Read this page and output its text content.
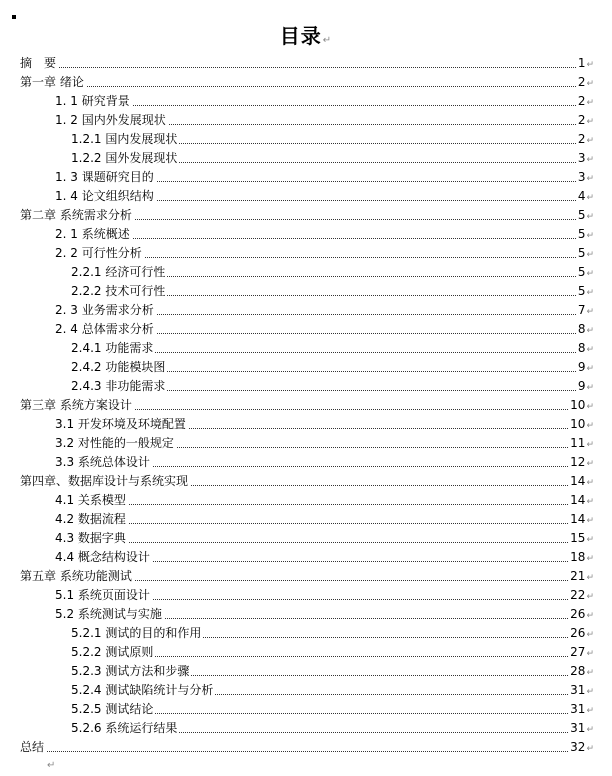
目录↵
摘　要	1↵
第一章 绪论	2↵
1. 1 研究背景	2↵
1. 2 国内外发展现状	2↵
1.2.1 国内发展现状	2↵
1.2.2 国外发展现状	3↵
1. 3 课题研究目的	3↵
1. 4 论文组织结构	4↵
第二章 系统需求分析	5↵
2. 1 系统概述	5↵
2. 2 可行性分析	5↵
2.2.1 经济可行性	5↵
2.2.2 技术可行性	5↵
2. 3 业务需求分析	7↵
2. 4 总体需求分析	8↵
2.4.1 功能需求	8↵
2.4.2 功能模块图	9↵
2.4.3 非功能需求	9↵
第三章 系统方案设计	10↵
3.1 开发环境及环境配置	10↵
3.2 对性能的一般规定	11↵
3.3 系统总体设计	12↵
第四章、数据库设计与系统实现	14↵
4.1 关系模型	14↵
4.2 数据流程	14↵
4.3 数据字典	15↵
4.4 概念结构设计	18↵
第五章 系统功能测试	21↵
5.1 系统页面设计	22↵
5.2 系统测试与实施	26↵
5.2.1 测试的目的和作用	26↵
5.2.2 测试原则	27↵
5.2.3 测试方法和步骤	28↵
5.2.4 测试缺陷统计与分析	31↵
5.2.5 测试结论	31↵
5.2.6 系统运行结果	31↵
总结	32↵
↵
